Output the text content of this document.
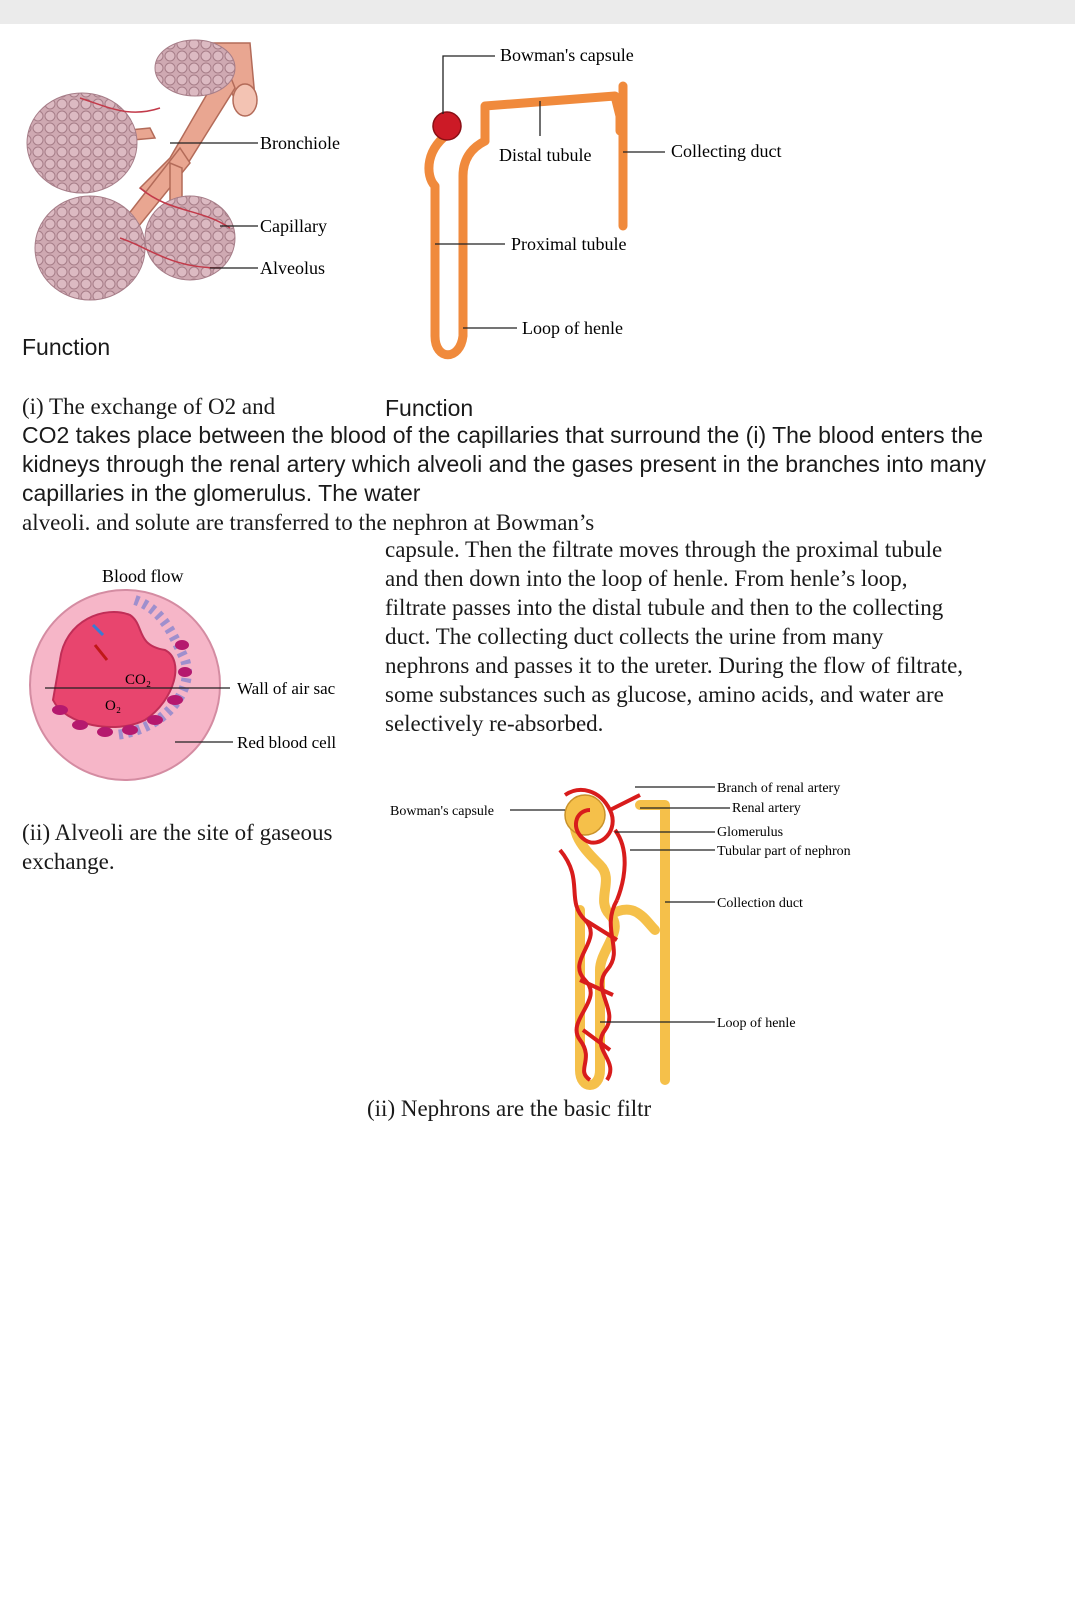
Bronchiole
Capillary
Alveolus
Bowman's capsule
Distal tubule	Collecting duct
Proximal tubule
Loop of henle
Function
(i) The exchange of O2 and	Function
CO2 takes place between the blood of the capillaries that surround the (i) The blood enters the
kidneys through the renal artery which alveoli and the gases present in the branches into many
capillaries in the glomerulus. The water
alveoli. and solute are transferred to the nephron at Bowman’s
capsule. Then the filtrate moves through the proximal tubule
and then down into the loop of henle. From henle’s loop,
filtrate passes into the distal tubule and then to the collecting
duct. The collecting duct collects the urine from many
nephrons and passes it to the ureter. During the flow of filtrate,
some substances such as glucose, amino acids, and water are
selectively re-absorbed.
Blood flow
CO₂
O₂
Wall of air sac
Red blood cell
Bowman's capsule
Branch of renal artery
Renal artery
Glomerulus
Tubular part of nephron
Collection duct
Loop of henle
(ii) Alveoli are the site of gaseous
exchange.
(ii) Nephrons are the basic filtr
